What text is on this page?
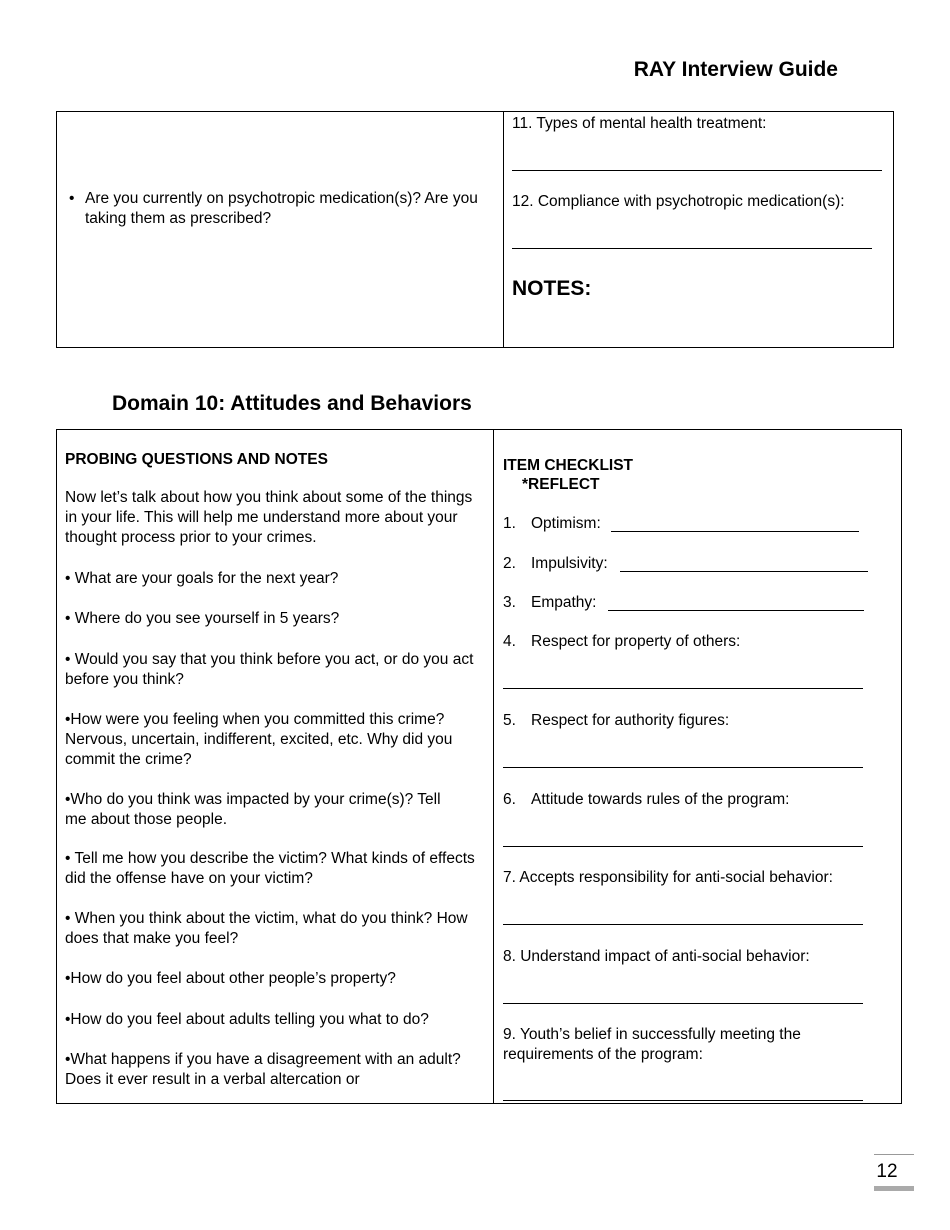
RAY Interview Guide
• Are you currently on psychotropic medication(s)? Are you taking them as prescribed?
11. Types of mental health treatment:
12. Compliance with psychotropic medication(s):
NOTES:
Domain 10: Attitudes and Behaviors
PROBING QUESTIONS AND NOTES
Now let’s talk about how you think about some of the things in your life. This will help me understand more about your thought process prior to your crimes.
• What are your goals for the next year?
• Where do you see yourself in 5 years?
• Would you say that you think before you act, or do you act before you think?
•How were you feeling when you committed this crime? Nervous, uncertain, indifferent, excited, etc. Why did you commit the crime?
•Who do you think was impacted by your crime(s)? Tell me about those people.
• Tell me how you describe the victim? What kinds of effects did the offense have on your victim?
• When you think about the victim, what do you think? How does that make you feel?
•How do you feel about other people’s property?
•How do you feel about adults telling you what to do?
•What happens if you have a disagreement with an adult? Does it ever result in a verbal altercation or
ITEM CHECKLIST
*REFLECT
1. Optimism:
2. Impulsivity:
3. Empathy:
4. Respect for property of others:
5. Respect for authority figures:
6. Attitude towards rules of the program:
7. Accepts responsibility for anti-social behavior:
8. Understand impact of anti-social behavior:
9. Youth’s belief in successfully meeting the requirements of the program:
12
